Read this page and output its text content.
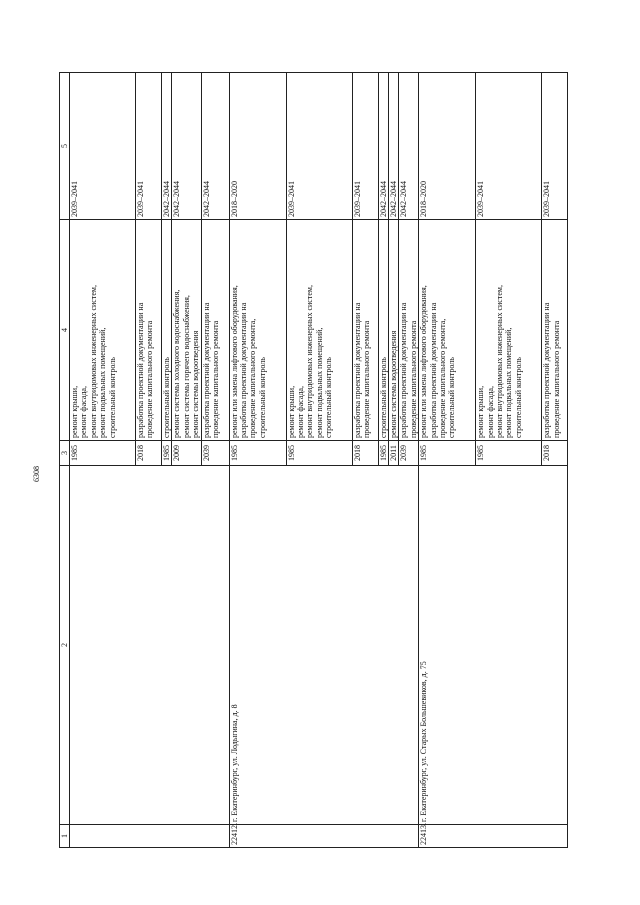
6308
1	2	3	4	5
		1985	ремонт крыши, ремонт фасада, ремонт внутридомовых инженерных систем, ремонт подвальных помещений, строительный контроль	2039–2041
		2018	разработка проектной документации на проведение капитального ремонта	2039–2041
		1985	строительный контроль	2042–2044
		2009	ремонт системы холодного водоснабжения, ремонт системы горячего водоснабжения, ремонт системы водоотведения	2042–2044
		2039	разработка проектной документации на проведение капитального ремонта	2042–2044
22412.	г. Екатеринбург, ул. Лодыгина, д. 8	1985	ремонт или замена лифтового оборудования, разработка проектной документации на проведение капитального ремонта, строительный контроль	2018–2020
		1985	ремонт крыши, ремонт фасада, ремонт внутридомовых инженерных систем, ремонт подвальных помещений, строительный контроль	2039–2041
		2018	разработка проектной документации на проведение капитального ремонта	2039–2041
		1985	строительный контроль	2042–2044
		2011	ремонт системы водоотведения	2042–2044
		2039	разработка проектной документации на проведение капитального ремонта	2042–2044
22413.	г. Екатеринбург, ул. Старых Большевиков, д. 75	1985	ремонт или замена лифтового оборудования, разработка проектной документации на проведение капитального ремонта, строительный контроль	2018–2020
		1985	ремонт крыши, ремонт фасада, ремонт внутридомовых инженерных систем, ремонт подвальных помещений, строительный контроль	2039–2041
		2018	разработка проектной документации на проведение капитального ремонта	2039–2041
